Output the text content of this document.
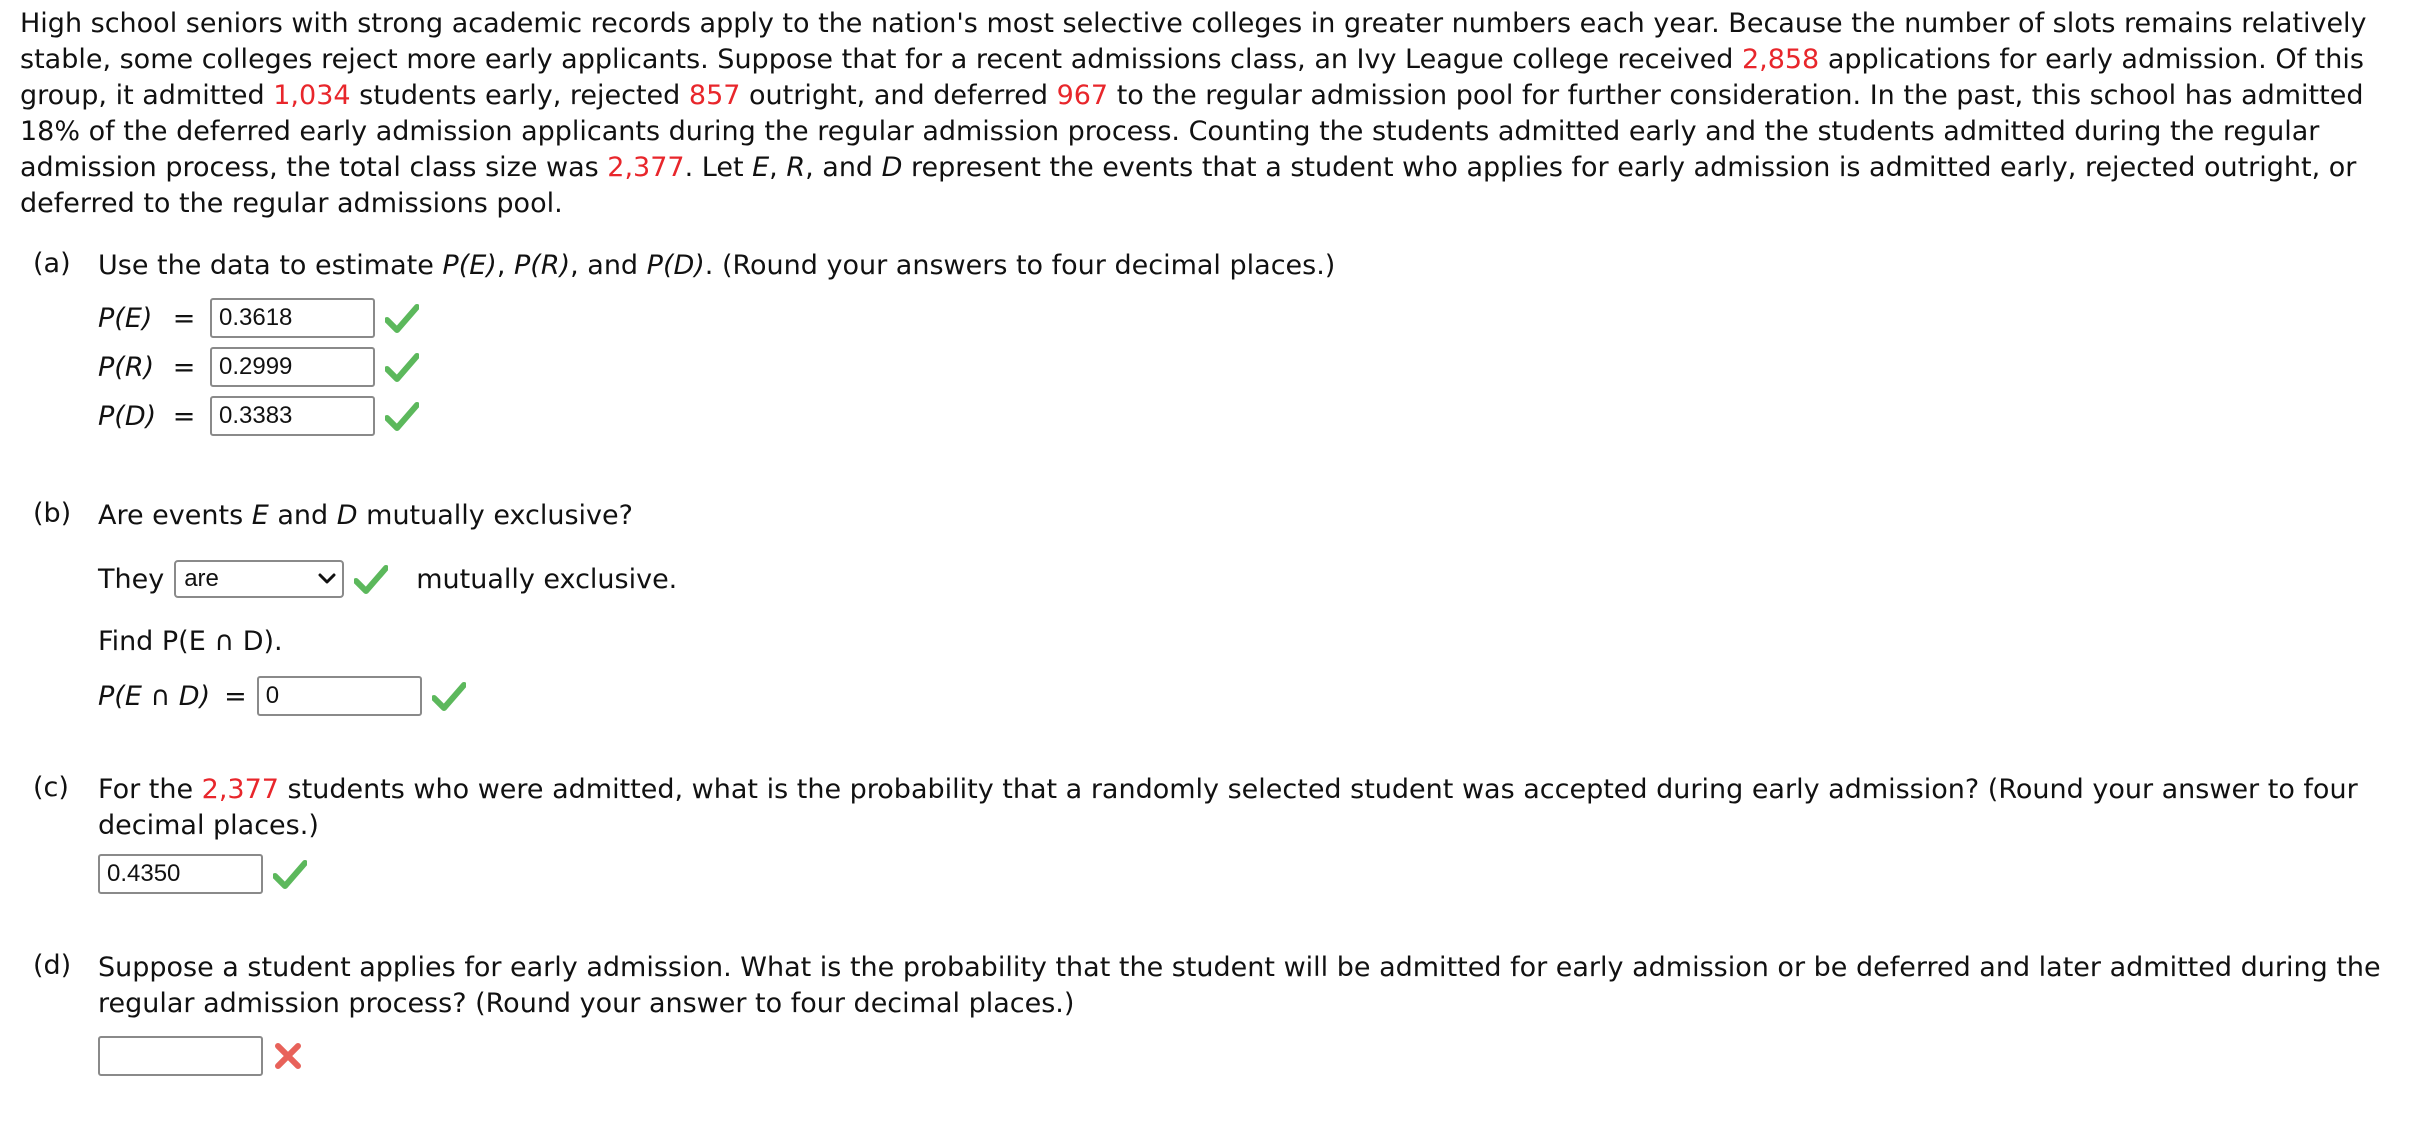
High school seniors with strong academic records apply to the nation's most selective colleges in greater numbers each year. Because the number of slots remains relatively stable, some colleges reject more early applicants. Suppose that for a recent admissions class, an Ivy League college received 2,858 applications for early admission. Of this group, it admitted 1,034 students early, rejected 857 outright, and deferred 967 to the regular admission pool for further consideration. In the past, this school has admitted 18% of the deferred early admission applicants during the regular admission process. Counting the students admitted early and the students admitted during the regular admission process, the total class size was 2,377. Let E, R, and D represent the events that a student who applies for early admission is admitted early, rejected outright, or deferred to the regular admissions pool.

(a) Use the data to estimate P(E), P(R), and P(D). (Round your answers to four decimal places.)
P(E) = 0.3618
P(R) = 0.2999
P(D) = 0.3383
(b) Are events E and D mutually exclusive?
They are	mutually exclusive.
Find P(E ∩ D).
P(E ∩ D) = 0
(c) For the 2,377 students who were admitted, what is the probability that a randomly selected student was accepted during early admission? (Round your answer to four decimal places.)
0.4350
(d) Suppose a student applies for early admission. What is the probability that the student will be admitted for early admission or be deferred and later admitted during the regular admission process? (Round your answer to four decimal places.)
